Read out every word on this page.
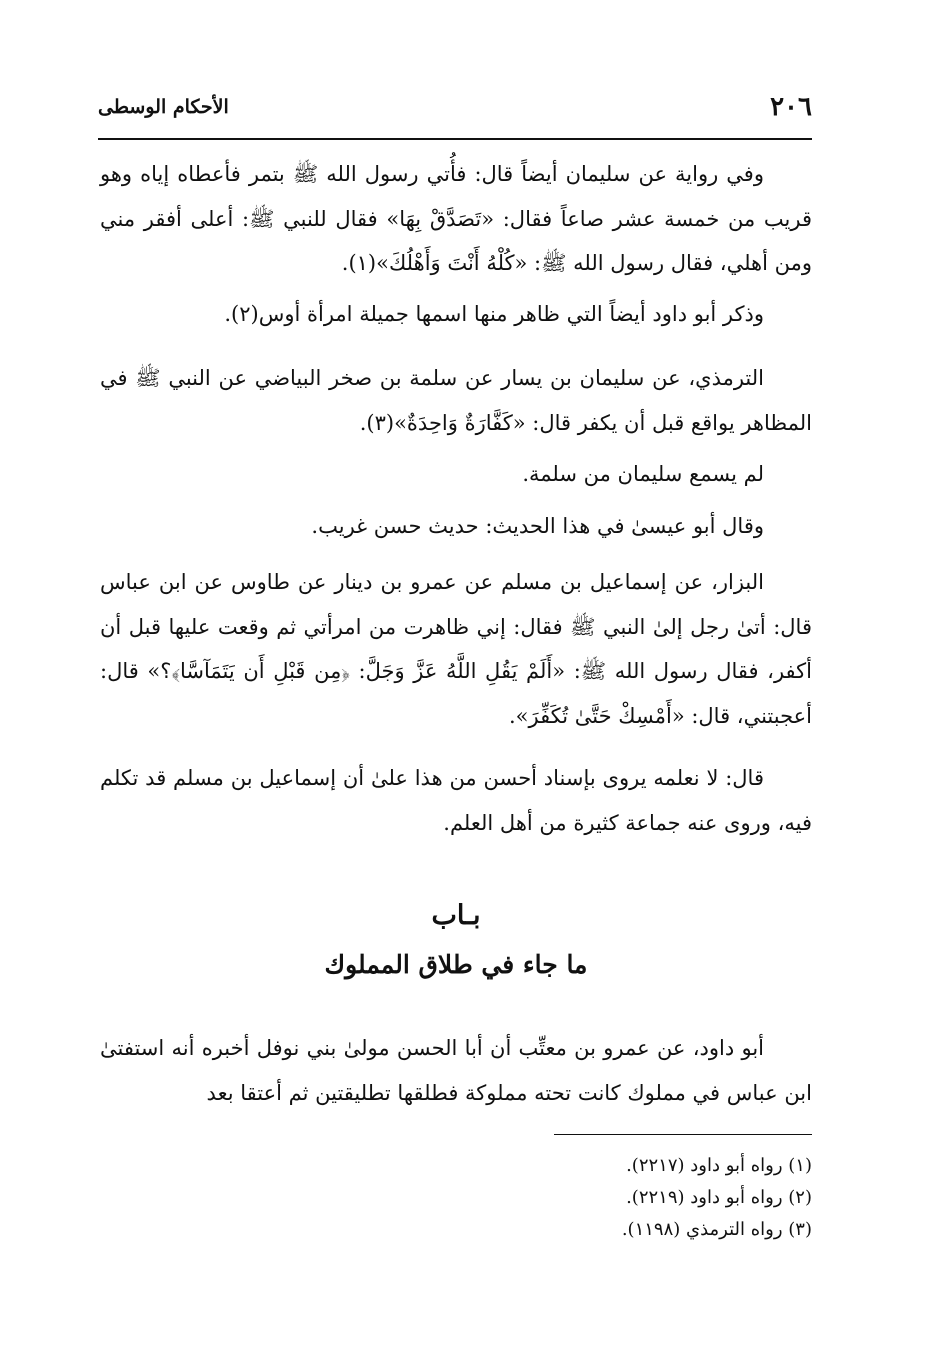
٢٠٦
الأحكام الوسطى

وفي رواية عن سليمان أيضاً قال: فأُتي رسول الله ﷺ بتمر فأعطاه إياه وهو قريب من خمسة عشر صاعاً فقال: «تَصَدَّقْ بِهَا» فقال للنبي ﷺ: أعلى أفقر مني ومن أهلي، فقال رسول الله ﷺ: «كُلْهُ أَنْتَ وَأَهْلُكَ»(١).

وذكر أبو داود أيضاً التي ظاهر منها اسمها جميلة امرأة أوس(٢).

الترمذي، عن سليمان بن يسار عن سلمة بن صخر البياضي عن النبي ﷺ في المظاهر يواقع قبل أن يكفر قال: «كَفَّارَةٌ وَاحِدَةٌ»(٣).

لم يسمع سليمان من سلمة.

وقال أبو عيسىٰ في هذا الحديث: حديث حسن غريب.

البزار، عن إسماعيل بن مسلم عن عمرو بن دينار عن طاوس عن ابن عباس قال: أتىٰ رجل إلىٰ النبي ﷺ فقال: إني ظاهرت من امرأتي ثم وقعت عليها قبل أن أكفر، فقال رسول الله ﷺ: «أَلَمْ يَقُلِ اللَّهُ عَزَّ وَجَلَّ: ﴿مِن قَبْلِ أَن يَتَمَآسَّا﴾؟» قال: أعجبتني، قال: «أَمْسِكْ حَتَّىٰ تُكَفِّرَ».

قال: لا نعلمه يروى بإسناد أحسن من هذا علىٰ أن إسماعيل بن مسلم قد تكلم فيه، وروى عنه جماعة كثيرة من أهل العلم.

بـاب
ما جاء في طلاق المملوك

أبو داود، عن عمرو بن معتِّب أن أبا الحسن مولىٰ بني نوفل أخبره أنه استفتىٰ ابن عباس في مملوك كانت تحته مملوكة فطلقها تطليقتين ثم أعتقا بعد

(١) رواه أبو داود (٢٢١٧).
(٢) رواه أبو داود (٢٢١٩).
(٣) رواه الترمذي (١١٩٨).
